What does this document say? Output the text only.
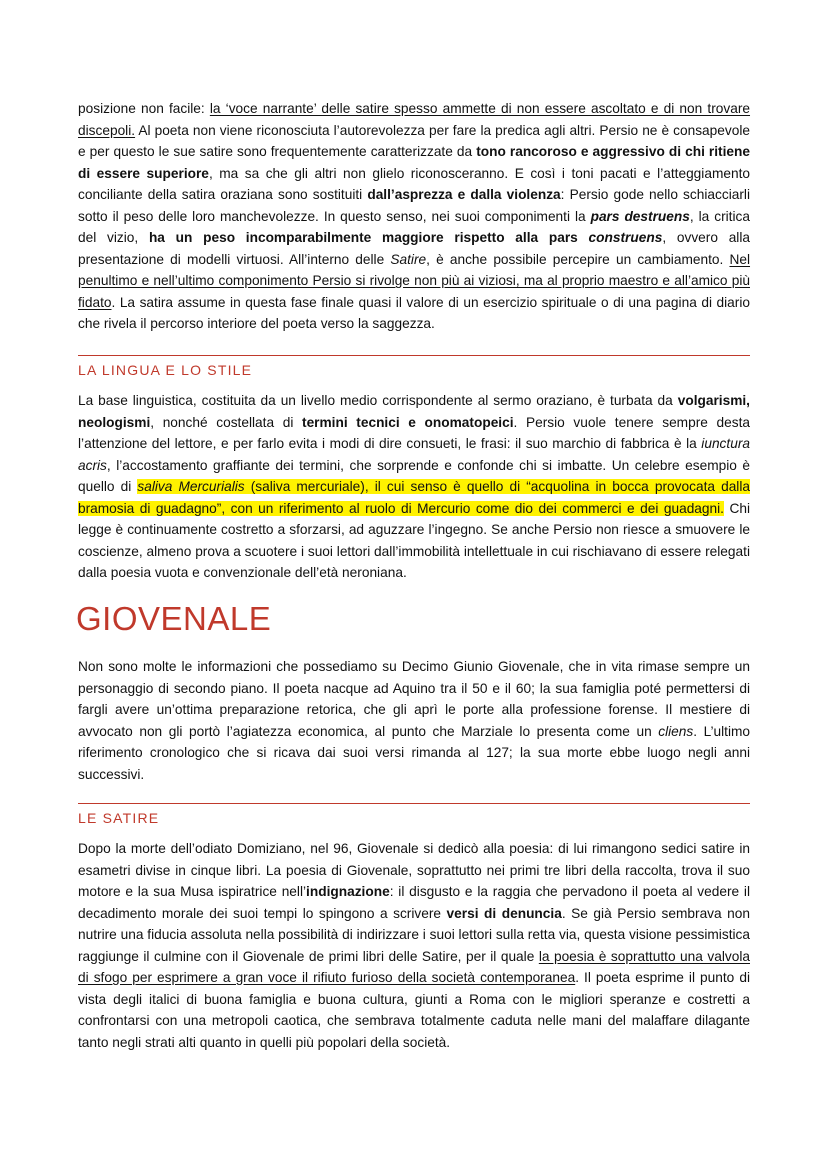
posizione non facile: la ‘voce narrante’ delle satire spesso ammette di non essere ascoltato e di non trovare discepoli. Al poeta non viene riconosciuta l’autorevolezza per fare la predica agli altri. Persio ne è consapevole e per questo le sue satire sono frequentemente caratterizzate da tono rancoroso e aggressivo di chi ritiene di essere superiore, ma sa che gli altri non glielo riconosceranno. E così i toni pacati e l’atteggiamento conciliante della satira oraziana sono sostituiti dall’asprezza e dalla violenza: Persio gode nello schiacciarli sotto il peso delle loro manchevolezze. In questo senso, nei suoi componimenti la pars destruens, la critica del vizio, ha un peso incomparabilmente maggiore rispetto alla pars construens, ovvero alla presentazione di modelli virtuosi. All’interno delle Satire, è anche possibile percepire un cambiamento. Nel penultimo e nell’ultimo componimento Persio si rivolge non più ai viziosi, ma al proprio maestro e all’amico più fidato. La satira assume in questa fase finale quasi il valore di un esercizio spirituale o di una pagina di diario che rivela il percorso interiore del poeta verso la saggezza.

LA LINGUA E LO STILE

La base linguistica, costituita da un livello medio corrispondente al sermo oraziano, è turbata da volgarismi, neologismi, nonché costellata di termini tecnici e onomatopeici. Persio vuole tenere sempre desta l’attenzione del lettore, e per farlo evita i modi di dire consueti, le frasi: il suo marchio di fabbrica è la iunctura acris, l’accostamento graffiante dei termini, che sorprende e confonde chi si imbatte. Un celebre esempio è quello di saliva Mercurialis (saliva mercuriale), il cui senso è quello di “acquolina in bocca provocata dalla bramosia di guadagno”, con un riferimento al ruolo di Mercurio come dio dei commerci e dei guadagni. Chi legge è continuamente costretto a sforzarsi, ad aguzzare l’ingegno. Se anche Persio non riesce a smuovere le coscienze, almeno prova a scuotere i suoi lettori dall’immobilità intellettuale in cui rischiavano di essere relegati dalla poesia vuota e convenzionale dell’età neroniana.

GIOVENALE

Non sono molte le informazioni che possediamo su Decimo Giunio Giovenale, che in vita rimase sempre un personaggio di secondo piano. Il poeta nacque ad Aquino tra il 50 e il 60; la sua famiglia poté permettersi di fargli avere un’ottima preparazione retorica, che gli aprì le porte alla professione forense. Il mestiere di avvocato non gli portò l’agiatezza economica, al punto che Marziale lo presenta come un cliens. L’ultimo riferimento cronologico che si ricava dai suoi versi rimanda al 127; la sua morte ebbe luogo negli anni successivi.

LE SATIRE

Dopo la morte dell’odiato Domiziano, nel 96, Giovenale si dedicò alla poesia: di lui rimangono sedici satire in esametri divise in cinque libri. La poesia di Giovenale, soprattutto nei primi tre libri della raccolta, trova il suo motore e la sua Musa ispiratrice nell’indignazione: il disgusto e la raggia che pervadono il poeta al vedere il decadimento morale dei suoi tempi lo spingono a scrivere versi di denuncia. Se già Persio sembrava non nutrire una fiducia assoluta nella possibilità di indirizzare i suoi lettori sulla retta via, questa visione pessimistica raggiunge il culmine con il Giovenale de primi libri delle Satire, per il quale la poesia è soprattutto una valvola di sfogo per esprimere a gran voce il rifiuto furioso della società contemporanea. Il poeta esprime il punto di vista degli italici di buona famiglia e buona cultura, giunti a Roma con le migliori speranze e costretti a confrontarsi con una metropoli caotica, che sembrava totalmente caduta nelle mani del malaffare dilagante tanto negli strati alti quanto in quelli più popolari della società.
